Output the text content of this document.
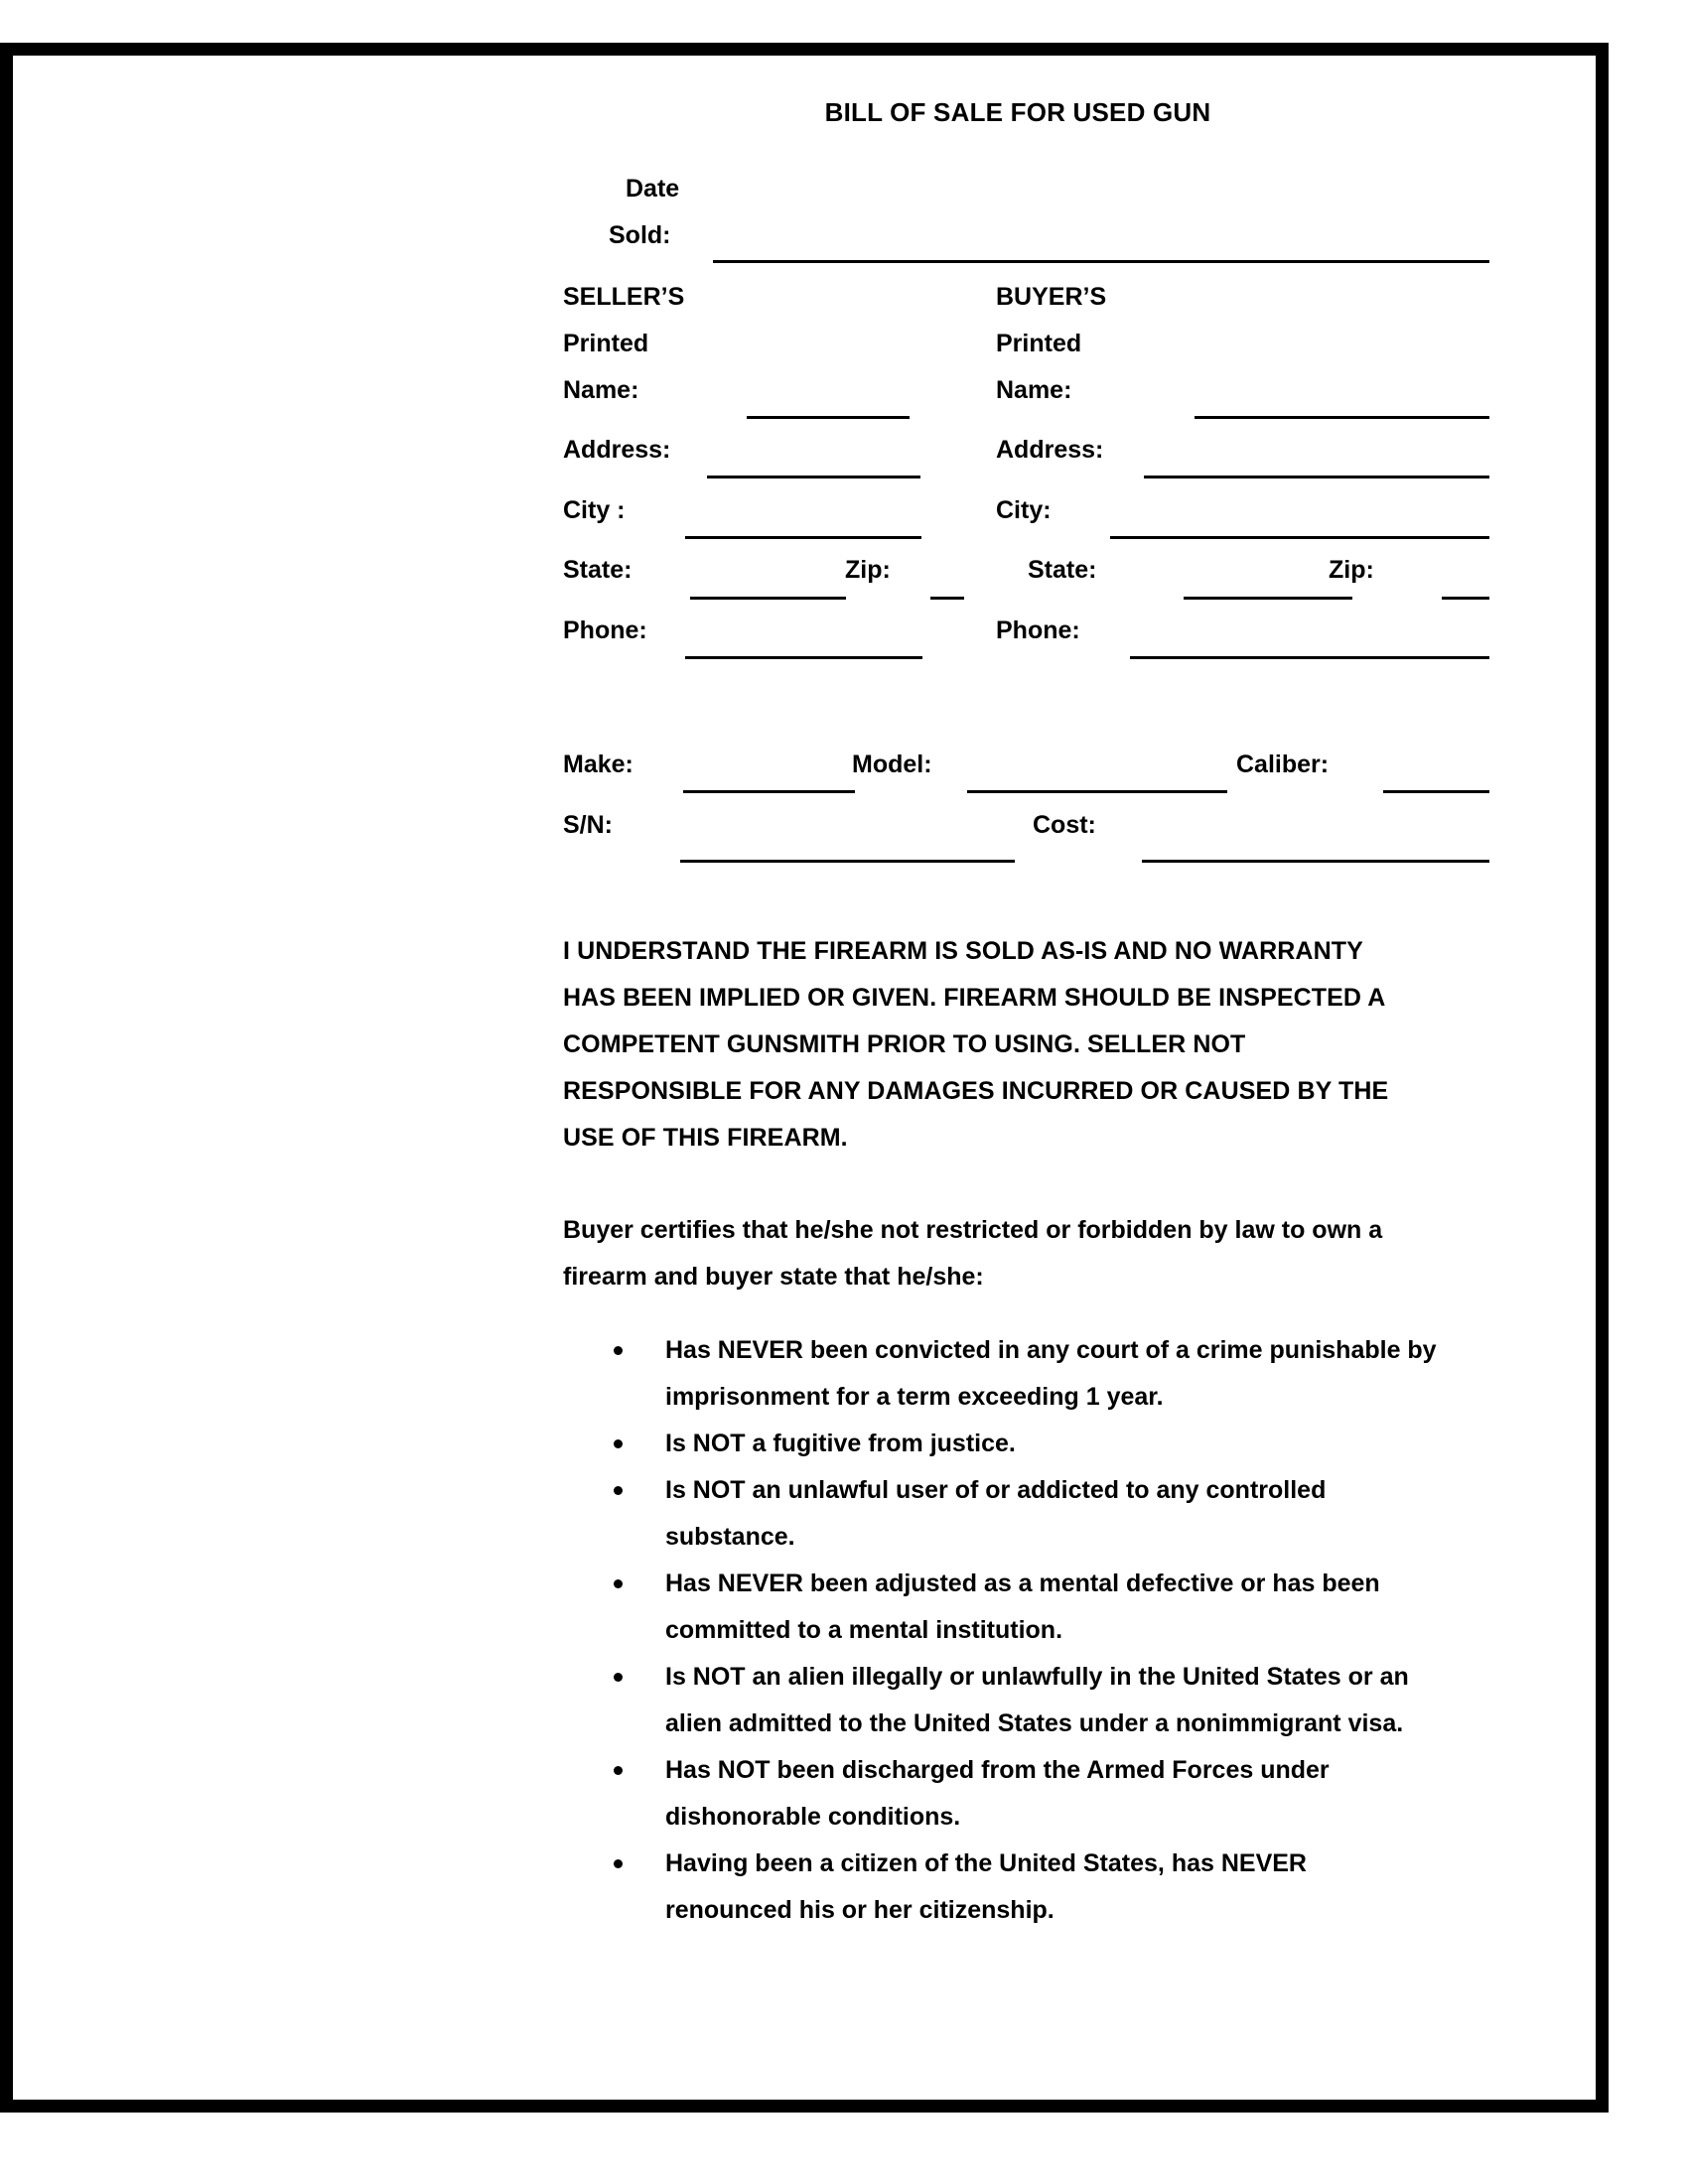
BILL OF SALE FOR USED GUN
Date
Sold:
SELLER’S
Printed
Name:
Address:
City :
State:	Zip:
Phone:
BUYER’S
Printed
Name:
Address:
City:
State:	Zip:
Phone:
Make:	Model:	Caliber:
S/N:	Cost:
I UNDERSTAND THE FIREARM IS SOLD AS-IS AND NO WARRANTY
HAS BEEN IMPLIED OR GIVEN. FIREARM SHOULD BE INSPECTED A
COMPETENT GUNSMITH PRIOR TO USING. SELLER NOT
RESPONSIBLE FOR ANY DAMAGES INCURRED OR CAUSED BY THE
USE OF THIS FIREARM.
Buyer certifies that he/she not restricted or forbidden by law to own a
firearm and buyer state that he/she:
Has NEVER been convicted in any court of a crime punishable by imprisonment for a term exceeding 1 year.
Is NOT a fugitive from justice.
Is NOT an unlawful user of or addicted to any controlled substance.
Has NEVER been adjusted as a mental defective or has been committed to a mental institution.
Is NOT an alien illegally or unlawfully in the United States or an alien admitted to the United States under a nonimmigrant visa.
Has NOT been discharged from the Armed Forces under dishonorable conditions.
Having been a citizen of the United States, has NEVER renounced his or her citizenship.
